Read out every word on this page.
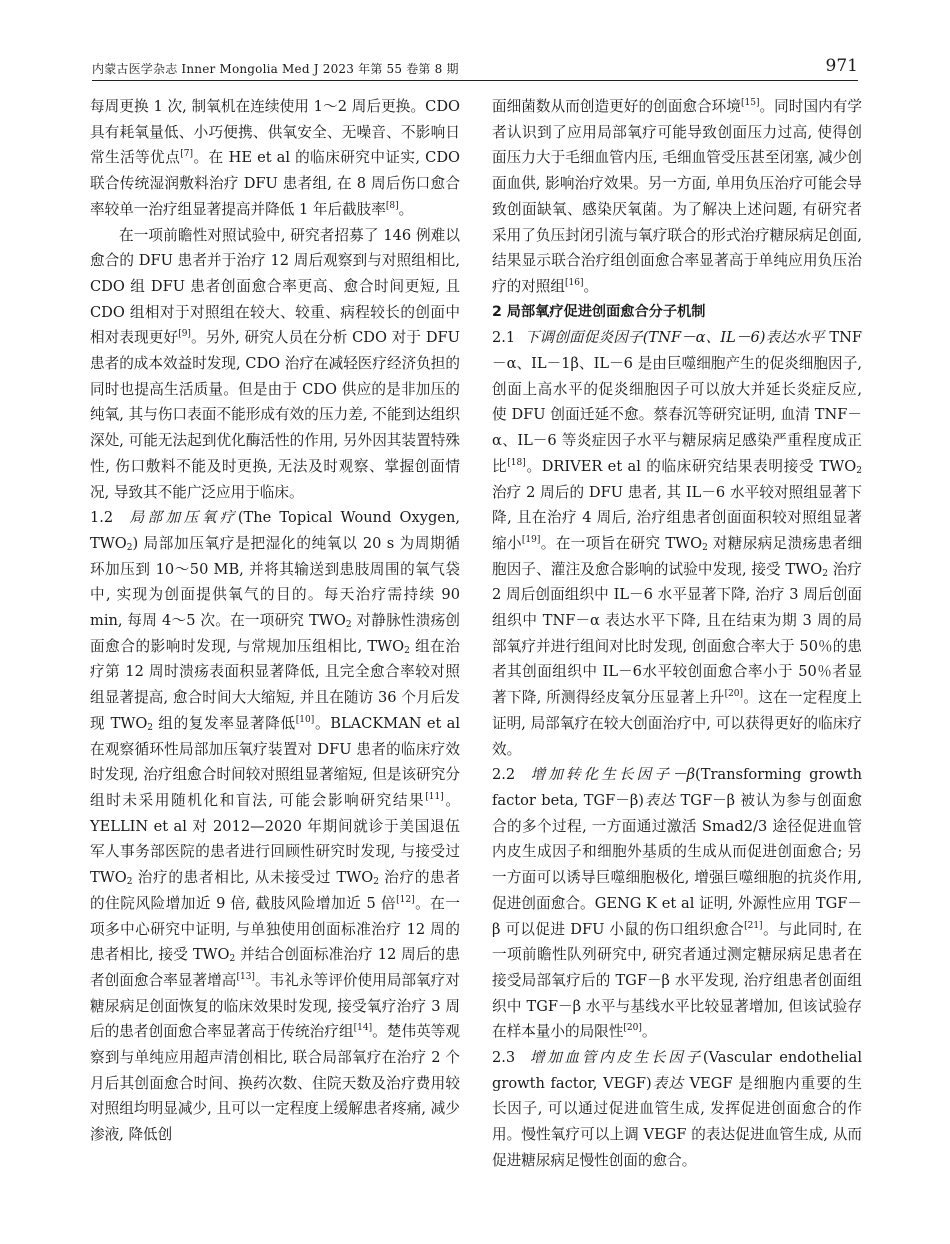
内蒙古医学杂志 Inner Mongolia Med J 2023 年第 55 卷第 8 期	971

每周更换 1 次, 制氧机在连续使用 1～2 周后更换。CDO 具有耗氧量低、小巧便携、供氧安全、无噪音、不影响日常生活等优点[7]。在 HE et al 的临床研究中证实, CDO 联合传统湿润敷料治疗 DFU 患者组, 在 8 周后伤口愈合率较单一治疗组显著提高并降低 1 年后截肢率[8]。

在一项前瞻性对照试验中, 研究者招募了 146 例难以愈合的 DFU 患者并于治疗 12 周后观察到与对照组相比, CDO 组 DFU 患者创面愈合率更高、愈合时间更短, 且 CDO 组相对于对照组在较大、较重、病程较长的创面中相对表现更好[9]。另外, 研究人员在分析 CDO 对于 DFU 患者的成本效益时发现, CDO 治疗在减轻医疗经济负担的同时也提高生活质量。但是由于 CDO 供应的是非加压的纯氧, 其与伤口表面不能形成有效的压力差, 不能到达组织深处, 可能无法起到优化酶活性的作用, 另外因其装置特殊性, 伤口敷料不能及时更换, 无法及时观察、掌握创面情况, 导致其不能广泛应用于临床。

1.2 局部加压氧疗(The Topical Wound Oxygen, $TWO_2$) 局部加压氧疗是把湿化的纯氧以 20 s 为周期循环加压到 10～50 MB, 并将其输送到患肢周围的氧气袋中, 实现为创面提供氧气的目的。每天治疗需持续 90 min, 每周 4～5 次。在一项研究 $TWO_2$ 对静脉性溃疡创面愈合的影响时发现, 与常规加压组相比, $TWO_2$ 组在治疗第 12 周时溃疡表面积显著降低, 且完全愈合率较对照组显著提高, 愈合时间大大缩短, 并且在随访 36 个月后发现 $TWO_2$ 组的复发率显著降低[10]。BLACKMAN et al 在观察循环性局部加压氧疗装置对 DFU 患者的临床疗效时发现, 治疗组愈合时间较对照组显著缩短, 但是该研究分组时未采用随机化和盲法, 可能会影响研究结果[11]。YELLIN et al 对 2012—2020 年期间就诊于美国退伍军人事务部医院的患者进行回顾性研究时发现, 与接受过 $TWO_2$ 治疗的患者相比, 从未接受过 $TWO_2$ 治疗的患者的住院风险增加近 9 倍, 截肢风险增加近 5 倍[12]。在一项多中心研究中证明, 与单独使用创面标准治疗 12 周的患者相比, 接受 $TWO_2$ 并结合创面标准治疗 12 周后的患者创面愈合率显著增高[13]。韦礼永等评价使用局部氧疗对糖尿病足创面恢复的临床效果时发现, 接受氧疗治疗 3 周后的患者创面愈合率显著高于传统治疗组[14]。楚伟英等观察到与单纯应用超声清创相比, 联合局部氧疗在治疗 2 个月后其创面愈合时间、换药次数、住院天数及治疗费用较对照组均明显减少, 且可以一定程度上缓解患者疼痛, 减少渗液, 降低创

面细菌数从而创造更好的创面愈合环境[15]。同时国内有学者认识到了应用局部氧疗可能导致创面压力过高, 使得创面压力大于毛细血管内压, 毛细血管受压甚至闭塞, 减少创面血供, 影响治疗效果。另一方面, 单用负压治疗可能会导致创面缺氧、感染厌氧菌。为了解决上述问题, 有研究者采用了负压封闭引流与氧疗联合的形式治疗糖尿病足创面, 结果显示联合治疗组创面愈合率显著高于单纯应用负压治疗的对照组[16]。

2 局部氧疗促进创面愈合分子机制

2.1 下调创面促炎因子(TNF－α、IL－6)表达水平 TNF－α、IL－1β、IL－6 是由巨噬细胞产生的促炎细胞因子, 创面上高水平的促炎细胞因子可以放大并延长炎症反应, 使 DFU 创面迁延不愈。蔡春沉等研究证明, 血清 TNF－α、IL－6 等炎症因子水平与糖尿病足感染严重程度成正比[18]。DRIVER et al 的临床研究结果表明接受 $TWO_2$ 治疗 2 周后的 DFU 患者, 其 IL－6 水平较对照组显著下降, 且在治疗 4 周后, 治疗组患者创面面积较对照组显著缩小[19]。在一项旨在研究 $TWO_2$ 对糖尿病足溃疡患者细胞因子、灌注及愈合影响的试验中发现, 接受 $TWO_2$ 治疗 2 周后创面组织中 IL－6 水平显著下降, 治疗 3 周后创面组织中 TNF－α 表达水平下降, 且在结束为期 3 周的局部氧疗并进行组间对比时发现, 创面愈合率大于 50％的患者其创面组织中 IL－6水平较创面愈合率小于 50％者显著下降, 所测得经皮氧分压显著上升[20]。这在一定程度上证明, 局部氧疗在较大创面治疗中, 可以获得更好的临床疗效。

2.2 增加转化生长因子－β(Transforming growth factor beta, TGF－β)表达 TGF－β 被认为参与创面愈合的多个过程, 一方面通过激活 Smad2/3 途径促进血管内皮生成因子和细胞外基质的生成从而促进创面愈合; 另一方面可以诱导巨噬细胞极化, 增强巨噬细胞的抗炎作用, 促进创面愈合。GENG K et al 证明, 外源性应用 TGF－β 可以促进 DFU 小鼠的伤口组织愈合[21]。与此同时, 在一项前瞻性队列研究中, 研究者通过测定糖尿病足患者在接受局部氧疗后的 TGF－β 水平发现, 治疗组患者创面组织中 TGF－β 水平与基线水平比较显著增加, 但该试验存在样本量小的局限性[20]。

2.3 增加血管内皮生长因子(Vascular endothelial growth factor, VEGF)表达 VEGF 是细胞内重要的生长因子, 可以通过促进血管生成, 发挥促进创面愈合的作用。慢性氧疗可以上调 VEGF 的表达促进血管生成, 从而促进糖尿病足慢性创面的愈合。
